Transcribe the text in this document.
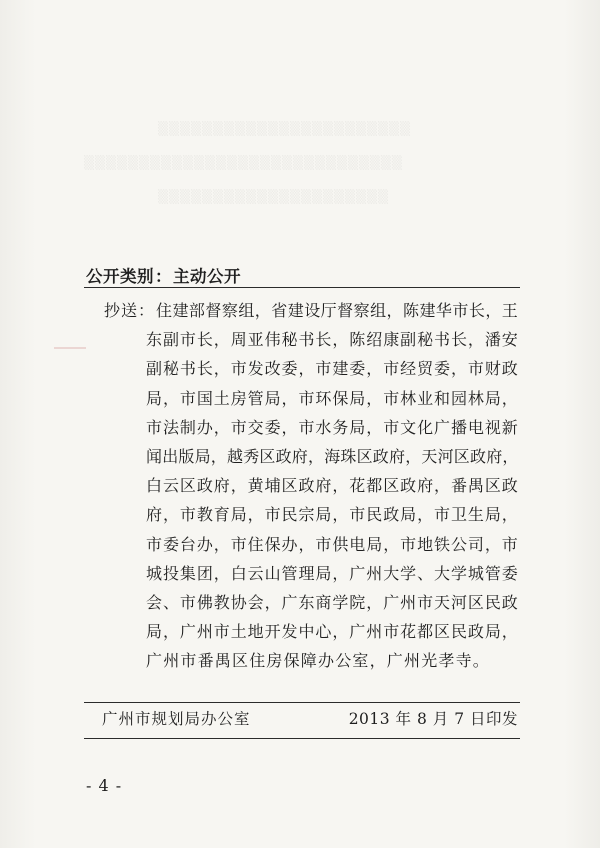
▒▒▒▒▒▒▒▒▒▒▒▒▒▒▒▒▒▒▒▒▒▒▒
▒▒▒▒▒▒▒▒▒▒▒▒▒▒▒▒▒▒▒▒▒▒▒▒▒▒▒▒▒
▒▒▒▒▒▒▒▒▒▒▒▒▒▒▒▒▒▒▒▒▒
公开类别 ： 主动公开
抄送： 住建部督察组，省建设厅督察组，陈建华市长，王
东副市长，周亚伟秘书长，陈绍康副秘书长，潘安
副秘书长，市发改委，市建委，市经贸委，市财政
局，市国土房管局，市环保局，市林业和园林局，
市法制办，市交委，市水务局，市文化广播电视新
闻出版局，越秀区政府，海珠区政府，天河区政府，
白云区政府，黄埔区政府，花都区政府，番禺区政
府，市教育局，市民宗局，市民政局，市卫生局，
市委台办，市住保办，市供电局，市地铁公司，市
城投集团，白云山管理局，广州大学、大学城管委
会、市佛教协会，广东商学院，广州市天河区民政
局，广州市土地开发中心，广州市花都区民政局，
广州市番禺区住房保障办公室，广州光孝寺。
广州市规划局办公室	2013 年 8 月 7 日印发
- 4 -
